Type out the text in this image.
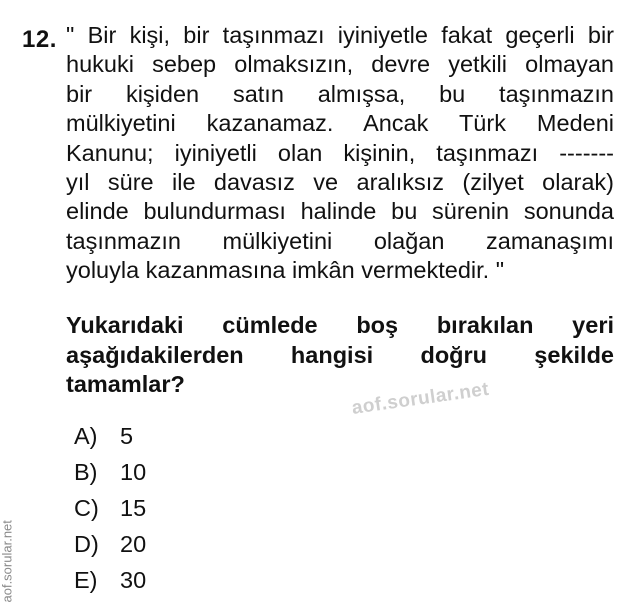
12. " Bir kişi, bir taşınmazı iyiniyetle fakat geçerli bir
hukuki sebep olmaksızın, devre yetkili olmayan
bir kişiden satın almışsa, bu taşınmazın
mülkiyetini kazanamaz. Ancak Türk Medeni
Kanunu; iyiniyetli olan kişinin, taşınmazı -------
yıl süre ile davasız ve aralıksız (zilyet olarak)
elinde bulundurması halinde bu sürenin sonunda
taşınmazın mülkiyetini olağan zamanaşımı
yoluyla kazanmasına imkân vermektedir. "
Yukarıdaki cümlede boş bırakılan yeri
aşağıdakilerden hangisi doğru şekilde
tamamlar?	aof.sorular.net
A) 5
B) 10
C) 15
D) 20
E) 30
aof.sorular.net
